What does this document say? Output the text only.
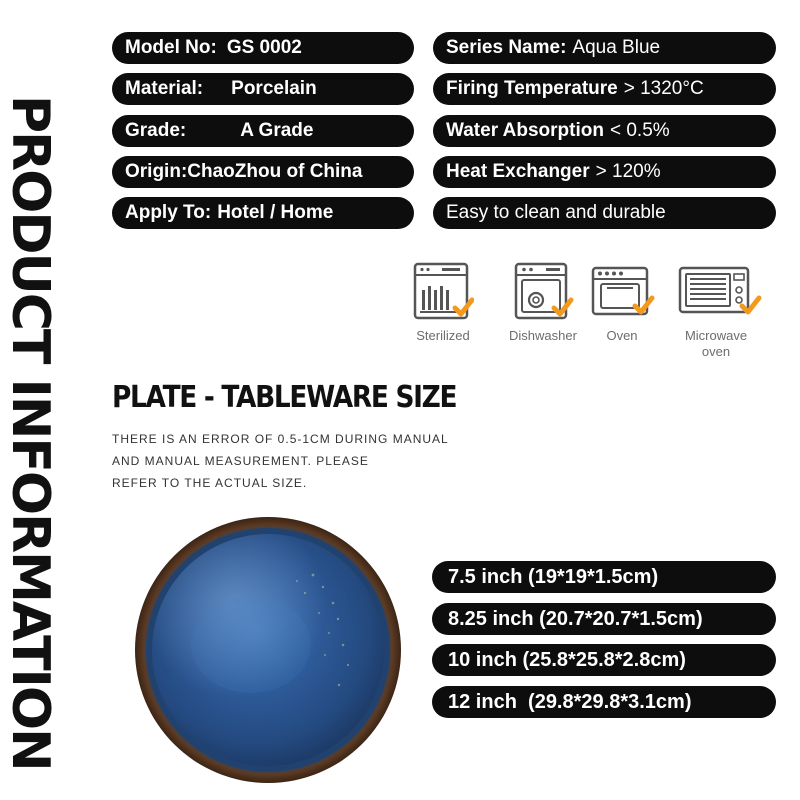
PRODUCT INFORMATION
Model No: GS 0002
Material: Porcelain
Grade:	A Grade
Origin:ChaoZhou of China
Apply To: Hotel / Home
Series Name: Aqua Blue
Firing Temperature > 1320°C
Water Absorption < 0.5%
Heat Exchanger > 120%
Easy to clean and durable
Sterilized	Dishwasher	Oven	Microwave oven
PLATE - TABLEWARE SIZE
THERE IS AN ERROR OF 0.5-1CM DURING MANUAL
AND MANUAL MEASUREMENT. PLEASE
REFER TO THE ACTUAL SIZE.
7.5 inch (19*19*1.5cm)
8.25 inch (20.7*20.7*1.5cm)
10 inch (25.8*25.8*2.8cm)
12 inch  (29.8*29.8*3.1cm)
